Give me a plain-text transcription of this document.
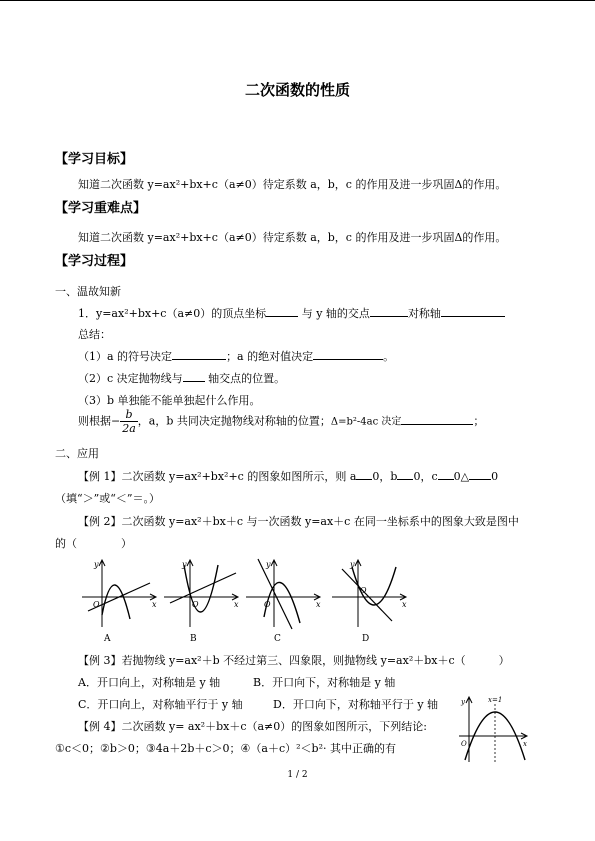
二次函数的性质
【学习目标】
知道二次函数 y=ax²+bx+c（a≠0）待定系数 a，b，c 的作用及进一步巩固Δ的作用。
【学习重难点】
知道二次函数 y=ax²+bx+c（a≠0）待定系数 a，b，c 的作用及进一步巩固Δ的作用。
【学习过程】
一、温故知新
1．y=ax²+bx+c（a≠0）的顶点坐标	与 y 轴的交点	对称轴
总结：
（1）a 的符号决定	；a 的绝对值决定	。
（2）c 决定抛物线与 轴交点的位置。
（3）b 单独能不能单独起什么作用。
则根据− $\frac{b}{2a}$ ，a，b 共同决定抛物线对称轴的位置；Δ=b²-4ac 决定	；
二、应用
【例 1】二次函数 y=ax²+bx²+c 的图象如图所示，则 a 0，b 0，c 0△ 0
（填“＞”或“＜”＝。）
【例 2】二次函数 y=ax²＋bx＋c 与一次函数 y=ax＋c 在同一坐标系中的图象大致是图中
的（	）
y
x
O
A
y
x
O
B
y
x
O
C
y
x
O
D
【例 3】若抛物线 y=ax²＋b 不经过第三、四象限，则抛物线 y=ax²＋bx＋c（　　　）
A．开口向上，对称轴是 y 轴	B．开口向下，对称轴是 y 轴
C．开口向上，对称轴平行于 y 轴	D．开口向下，对称轴平行于 y 轴
【例 4】二次函数 y= ax²＋bx＋c（a≠0）的图象如图所示，下列结论:
①c＜0；②b＞0；③4a＋2b＋c＞0；④（a＋c）²＜b²· 其中正确的有
x=1
O
y
x
1 / 2
